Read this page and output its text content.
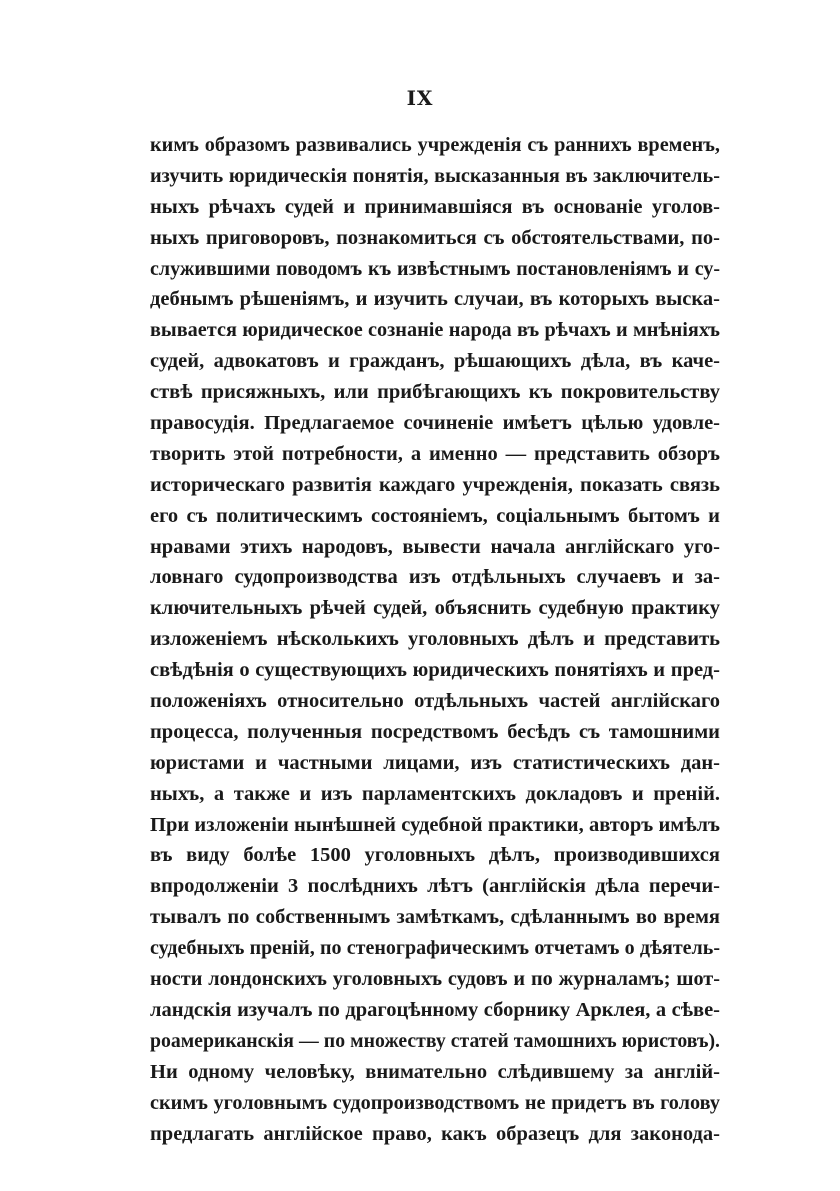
IX
кимъ образомъ развивались учрежденія съ раннихъ временъ,
изучить юридическія понятія, высказанныя въ заключитель-
ныхъ рѣчахъ судей и принимавшіяся въ основаніе уголов-
ныхъ приговоровъ, познакомиться съ обстоятельствами, по-
служившими поводомъ къ извѣстнымъ постановленіямъ и су-
дебнымъ рѣшеніямъ, и изучить случаи, въ которыхъ выска-
вывается юридическое сознаніе народа въ рѣчахъ и мнѣніяхъ
судей, адвокатовъ и гражданъ, рѣшающихъ дѣла, въ каче-
ствѣ присяжныхъ, или прибѣгающихъ къ покровительству
правосудія. Предлагаемое сочиненіе имѣетъ цѣлью удовле-
творить этой потребности, а именно — представить обзоръ
историческаго развитія каждаго учрежденія, показать связь
его съ политическимъ состояніемъ, соціальнымъ бытомъ и
нравами этихъ народовъ, вывести начала англійскаго уго-
ловнаго судопроизводства изъ отдѣльныхъ случаевъ и за-
ключительныхъ рѣчей судей, объяснить судебную практику
изложеніемъ нѣсколькихъ уголовныхъ дѣлъ и представить
свѣдѣнія о существующихъ юридическихъ понятіяхъ и пред-
положеніяхъ относительно отдѣльныхъ частей англійскаго
процесса, полученныя посредствомъ бесѣдъ съ тамошними
юристами и частными лицами, изъ статистическихъ дан-
ныхъ, а также и изъ парламентскихъ докладовъ и преній.
При изложеніи нынѣшней судебной практики, авторъ имѣлъ
въ виду болѣе 1500 уголовныхъ дѣлъ, производившихся
впродолженіи 3 послѣднихъ лѣтъ (англійскія дѣла перечи-
тывалъ по собственнымъ замѣткамъ, сдѣланнымъ во время
судебныхъ преній, по стенографическимъ отчетамъ о дѣятель-
ности лондонскихъ уголовныхъ судовъ и по журналамъ; шот-
ландскія изучалъ по драгоцѣнному сборнику Арклея, а сѣве-
роамериканскія — по множеству статей тамошнихъ юристовъ).
Ни одному человѣку, внимательно слѣдившему за англій-
скимъ уголовнымъ судопроизводствомъ не придетъ въ голову
предлагать англійское право, какъ образецъ для законода-
